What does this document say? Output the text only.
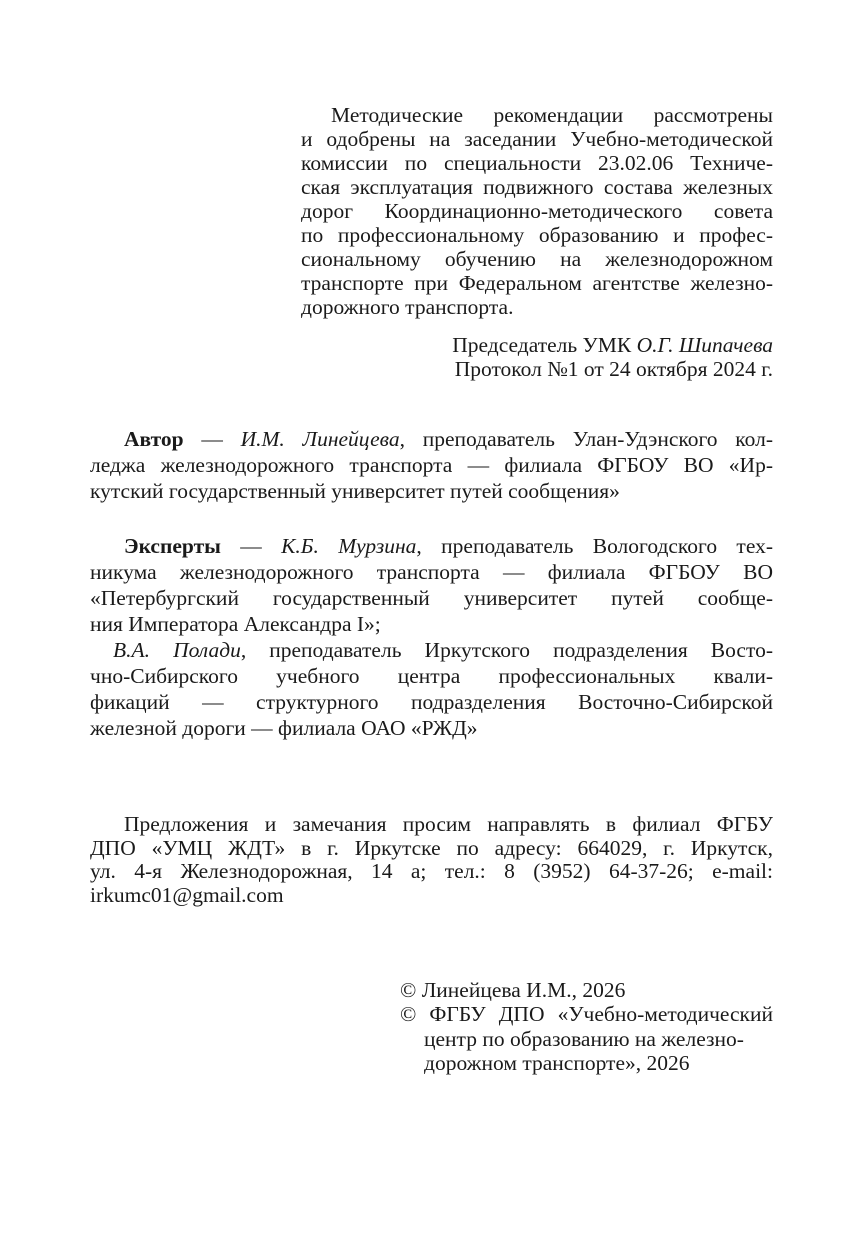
Методические рекомендации рассмотрены
и одобрены на заседании Учебно-методической
комиссии по специальности 23.02.06 Техниче-
ская эксплуатация подвижного состава железных
дорог Координационно-методического совета
по профессиональному образованию и профес-
сиональному обучению на железнодорожном
транспорте при Федеральном агентстве железно-
дорожного транспорта.
Председатель УМК О.Г. Шипачева
Протокол №1 от 24 октября 2024 г.
Автор — И.М. Линейцева, преподаватель Улан-Удэнского кол-
леджа железнодорожного транспорта — филиала ФГБОУ ВО «Ир-
кутский государственный университет путей сообщения»
Эксперты — К.Б. Мурзина, преподаватель Вологодского тех-
никума железнодорожного транспорта — филиала ФГБОУ ВО
«Петербургский государственный университет путей сообще-
ния Императора Александра I»;
В.А. Полади, преподаватель Иркутского подразделения Восто-
чно-Сибирского учебного центра профессиональных квали-
фикаций — структурного подразделения Восточно-Сибирской
железной дороги — филиала ОАО «РЖД»
Предложения и замечания просим направлять в филиал ФГБУ
ДПО «УМЦ ЖДТ» в г. Иркутске по адресу: 664029, г. Иркутск,
ул. 4-я Железнодорожная, 14 а; тел.: 8 (3952) 64-37-26; e-mail:
irkumc01@gmail.com
© Линейцева И.М., 2026
© ФГБУ ДПО «Учебно-методический
центр по образованию на железно-
дорожном транспорте», 2026
